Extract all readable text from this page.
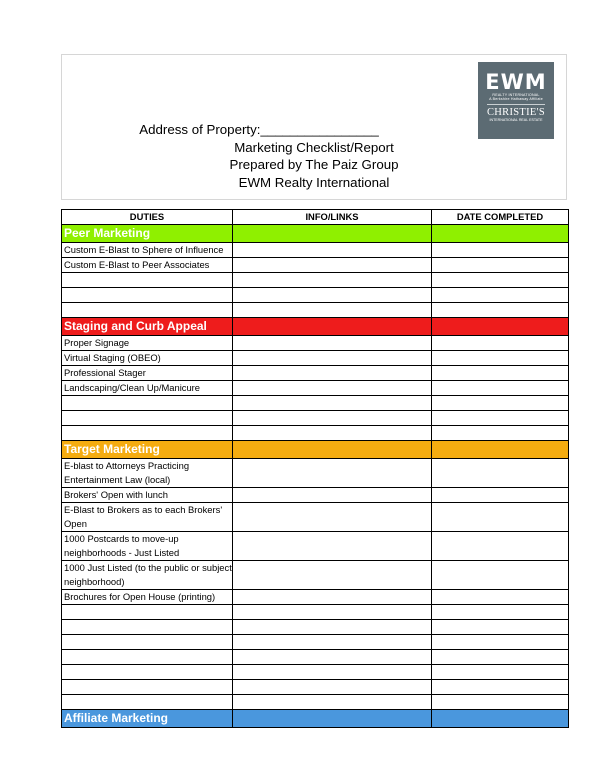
EWM
REALTY INTERNATIONAL
A Berkshire Hathaway Affiliate
CHRISTIE'S
INTERNATIONAL REAL ESTATE
Address of Property:________________
Marketing Checklist/Report
Prepared by The Paiz Group
EWM Realty International
DUTIES	INFO/LINKS	DATE COMPLETED
Peer Marketing		
Custom E-Blast to Sphere of Influence		
Custom E-Blast to Peer Associates		

Staging and Curb Appeal		
Proper Signage		
Virtual Staging (OBEO)		
Professional Stager		
Landscaping/Clean Up/Manicure		

Target Marketing		
E-blast to Attorneys Practicing Entertainment Law (local)		
Brokers' Open with lunch		
E-Blast to Brokers as to each Brokers' Open		
1000 Postcards to move-up neighborhoods - Just Listed		
1000 Just Listed (to the public or subject neighborhood)		
Brochures for Open House (printing)		

Affiliate Marketing		
